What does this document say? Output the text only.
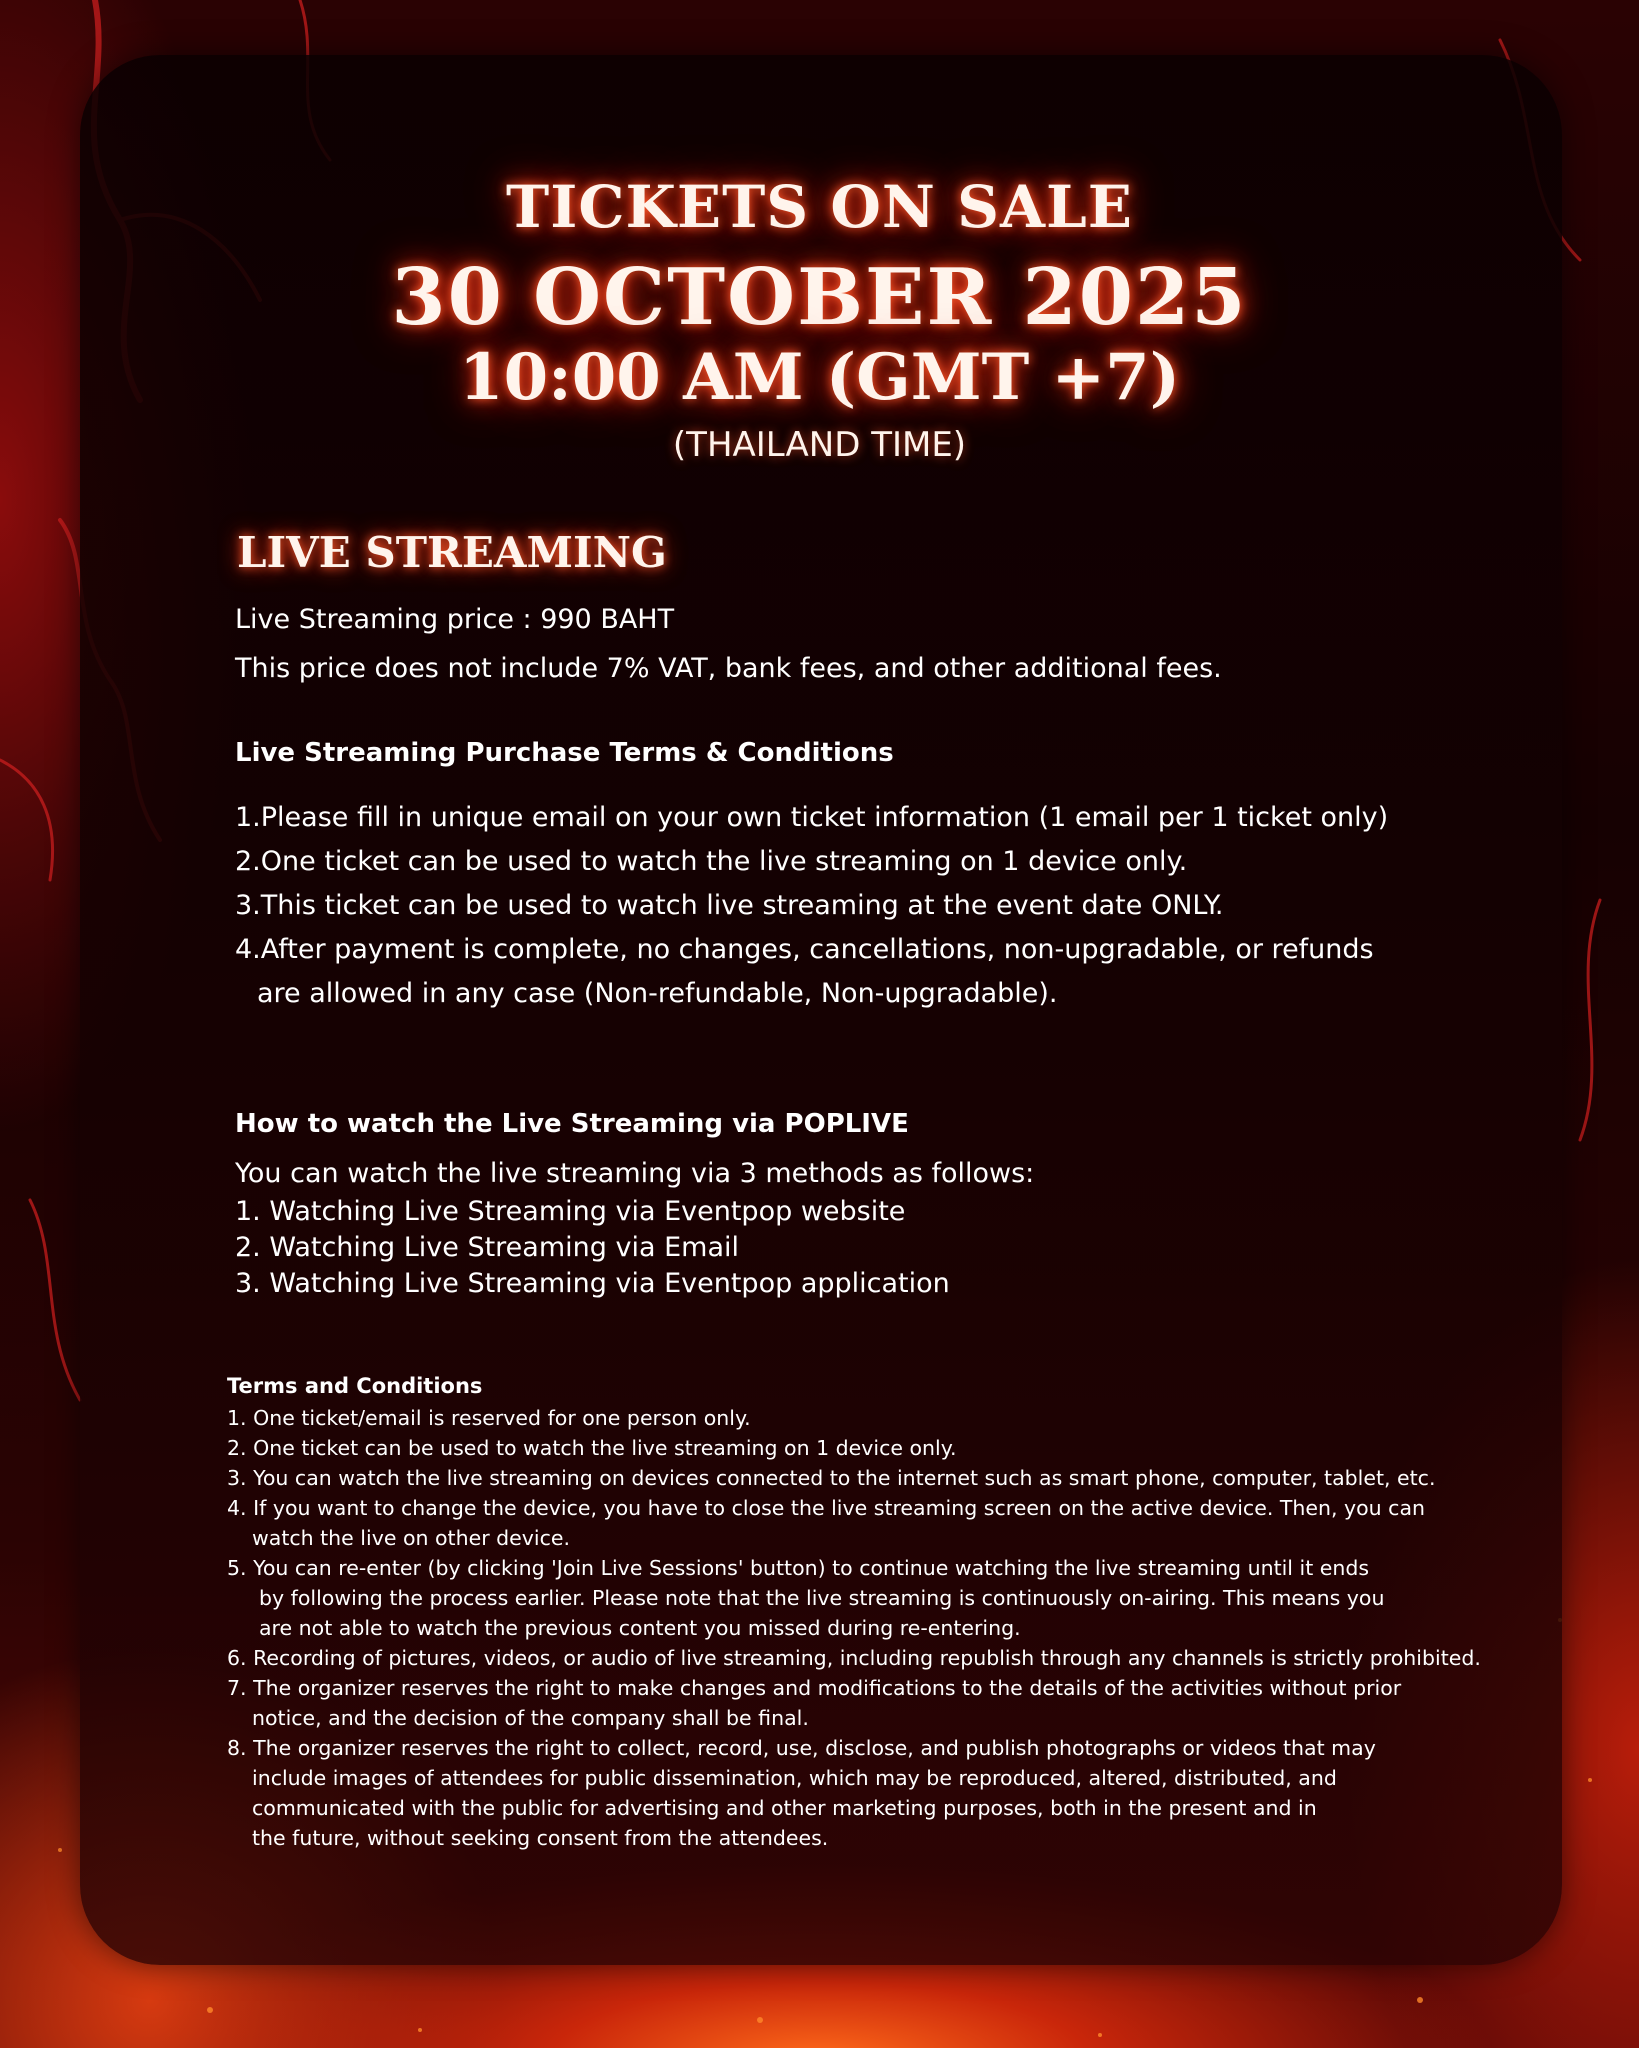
TICKETS ON SALE
30 OCTOBER 2025
10:00 AM (GMT +7)
(THAILAND TIME)
LIVE STREAMING

Live Streaming price : 990 BAHT

This price does not include 7% VAT, bank fees, and other additional fees.

Live Streaming Purchase Terms & Conditions

1.Please fill in unique email on your own ticket information (1 email per 1 ticket only)
2.One ticket can be used to watch the live streaming on 1 device only.
3.This ticket can be used to watch live streaming at the event date ONLY.
4.After payment is complete, no changes, cancellations, non-upgradable, or refunds
are allowed in any case (Non-refundable, Non-upgradable).

How to watch the Live Streaming via POPLIVE

You can watch the live streaming via 3 methods as follows:

1. Watching Live Streaming via Eventpop website
2. Watching Live Streaming via Email
3. Watching Live Streaming via Eventpop application

Terms and Conditions

1. One ticket/email is reserved for one person only.
2. One ticket can be used to watch the live streaming on 1 device only.
3. You can watch the live streaming on devices connected to the internet such as smart phone, computer, tablet, etc.
4. If you want to change the device, you have to close the live streaming screen on the active device. Then, you can
watch the live on other device.
5. You can re-enter (by clicking 'Join Live Sessions' button) to continue watching the live streaming until it ends
by following the process earlier. Please note that the live streaming is continuously on-airing. This means you
are not able to watch the previous content you missed during re-entering.
6. Recording of pictures, videos, or audio of live streaming, including republish through any channels is strictly prohibited.
7. The organizer reserves the right to make changes and modifications to the details of the activities without prior
notice, and the decision of the company shall be final.
8. The organizer reserves the right to collect, record, use, disclose, and publish photographs or videos that may
include images of attendees for public dissemination, which may be reproduced, altered, distributed, and
communicated with the public for advertising and other marketing purposes, both in the present and in
the future, without seeking consent from the attendees.
